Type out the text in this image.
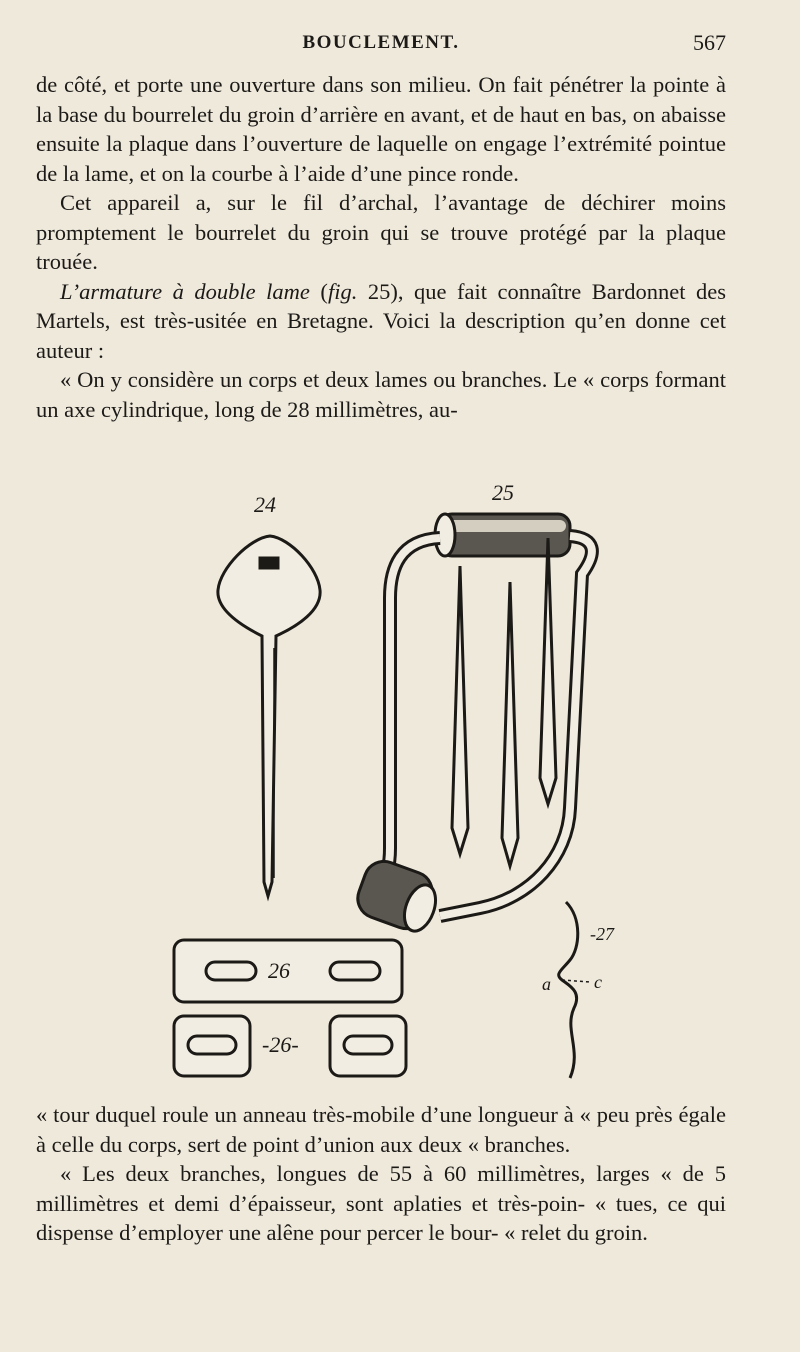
BOUCLEMENT.	567

de côté, et porte une ouverture dans son milieu. On fait pénétrer la pointe à la base du bourrelet du groin d’arrière en avant, et de haut en bas, on abaisse ensuite la plaque dans l’ouverture de laquelle on engage l’extrémité pointue de la lame, et on la courbe à l’aide d’une pince ronde.

Cet appareil a, sur le fil d’archal, l’avantage de déchirer moins promptement le bourrelet du groin qui se trouve protégé par la plaque trouée.

L’armature à double lame (fig. 25), que fait connaître Bardonnet des Martels, est très-usitée en Bretagne. Voici la description qu’en donne cet auteur :

« On y considère un corps et deux lames ou branches. Le « corps formant un axe cylindrique, long de 28 millimètres, au-

24	25
26
-26-
-27
a c

« tour duquel roule un anneau très-mobile d’une longueur à « peu près égale à celle du corps, sert de point d’union aux deux « branches.

« Les deux branches, longues de 55 à 60 millimètres, larges « de 5 millimètres et demi d’épaisseur, sont aplaties et très-poin- « tues, ce qui dispense d’employer une alêne pour percer le bour- « relet du groin.
